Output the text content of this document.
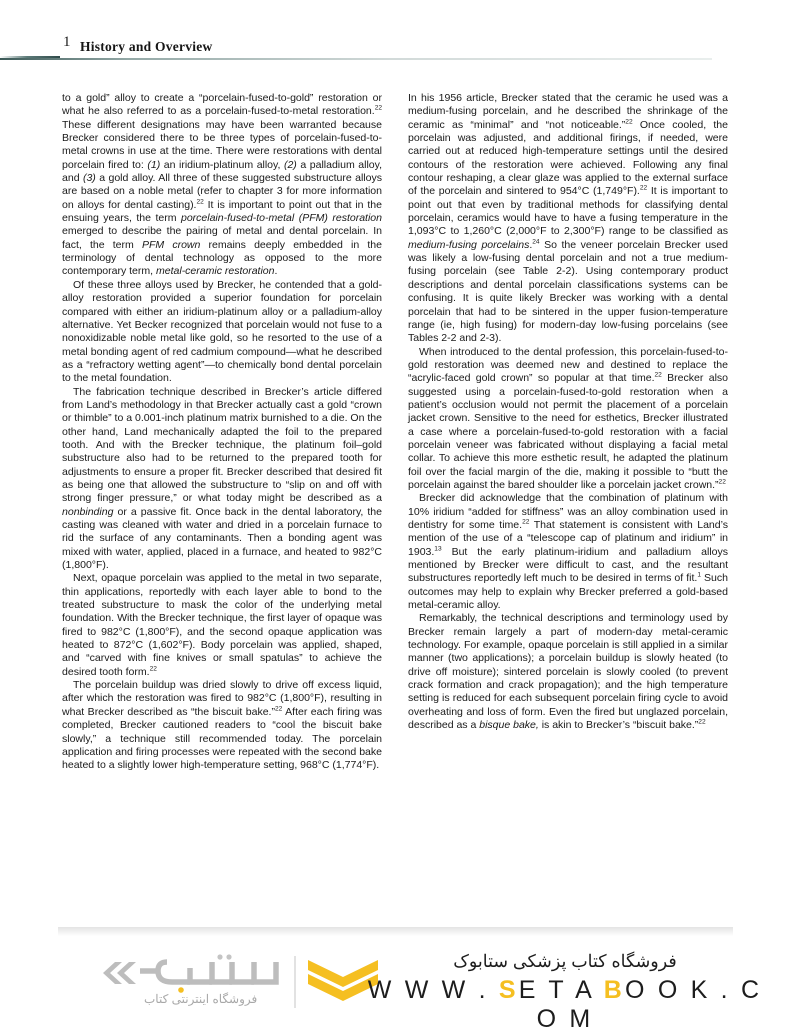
1 History and Overview

to a gold” alloy to create a “porcelain-fused-to-gold” restoration or what he also referred to as a porcelain-fused-to-metal restoration.$^{22}$ These different designations may have been warranted because Brecker considered there to be three types of porcelain-fused-to-metal crowns in use at the time. There were restorations with dental porcelain fired to: (1) an iridium-platinum alloy, (2) a palladium alloy, and (3) a gold alloy. All three of these suggested substructure alloys are based on a noble metal (refer to chapter 3 for more information on alloys for dental casting).$^{22}$ It is important to point out that in the ensuing years, the term porcelain-fused-to-metal (PFM) restoration emerged to describe the pairing of metal and dental porcelain. In fact, the term PFM crown remains deeply embedded in the terminology of dental technology as opposed to the more contemporary term, metal-ceramic restoration.

Of these three alloys used by Brecker, he contended that a gold-alloy restoration provided a superior foundation for porcelain compared with either an iridium-platinum alloy or a palladium-alloy alternative. Yet Becker recognized that porcelain would not fuse to a nonoxidizable noble metal like gold, so he resorted to the use of a metal bonding agent of red cadmium compound—what he described as a “refractory wetting agent”—to chemically bond dental porcelain to the metal foundation.

The fabrication technique described in Brecker’s article differed from Land’s methodology in that Brecker actually cast a gold “crown or thimble” to a 0.001-inch platinum matrix burnished to a die. On the other hand, Land mechanically adapted the foil to the prepared tooth. And with the Brecker technique, the platinum foil–gold substructure also had to be returned to the prepared tooth for adjustments to ensure a proper fit. Brecker described that desired fit as being one that allowed the substructure to “slip on and off with strong finger pressure,” or what today might be described as a nonbinding or a passive fit. Once back in the dental laboratory, the casting was cleaned with water and dried in a porcelain furnace to rid the surface of any contaminants. Then a bonding agent was mixed with water, applied, placed in a furnace, and heated to 982°C (1,800°F).

Next, opaque porcelain was applied to the metal in two separate, thin applications, reportedly with each layer able to bond to the treated substructure to mask the color of the underlying metal foundation. With the Brecker technique, the first layer of opaque was fired to 982°C (1,800°F), and the second opaque application was heated to 872°C (1,602°F). Body porcelain was applied, shaped, and “carved with fine knives or small spatulas” to achieve the desired tooth form.$^{22}$

The porcelain buildup was dried slowly to drive off excess liquid, after which the restoration was fired to 982°C (1,800°F), resulting in what Brecker described as “the biscuit bake.”$^{22}$ After each firing was completed, Brecker cautioned readers to “cool the biscuit bake slowly,” a technique still recommended today. The porcelain application and firing processes were repeated with the second bake heated to a slightly lower high-temperature setting, 968°C (1,774°F).

In his 1956 article, Brecker stated that the ceramic he used was a medium-fusing porcelain, and he described the shrinkage of the ceramic as “minimal” and “not noticeable.”$^{22}$ Once cooled, the porcelain was adjusted, and additional firings, if needed, were carried out at reduced high-temperature settings until the desired contours of the restoration were achieved. Following any final contour reshaping, a clear glaze was applied to the external surface of the porcelain and sintered to 954°C (1,749°F).$^{22}$ It is important to point out that even by traditional methods for classifying dental porcelain, ceramics would have to have a fusing temperature in the 1,093°C to 1,260°C (2,000°F to 2,300°F) range to be classified as medium-fusing porcelains.$^{24}$ So the veneer porcelain Brecker used was likely a low-fusing dental porcelain and not a true medium-fusing porcelain (see Table 2-2). Using contemporary product descriptions and dental porcelain classifications systems can be confusing. It is quite likely Brecker was working with a dental porcelain that had to be sintered in the upper fusion-temperature range (ie, high fusing) for modern-day low-fusing porcelains (see Tables 2-2 and 2-3).

When introduced to the dental profession, this porcelain-fused-to-gold restoration was deemed new and destined to replace the “acrylic-faced gold crown” so popular at that time.$^{22}$ Brecker also suggested using a porcelain-fused-to-gold restoration when a patient’s occlusion would not permit the placement of a porcelain jacket crown. Sensitive to the need for esthetics, Brecker illustrated a case where a porcelain-fused-to-gold restoration with a facial porcelain veneer was fabricated without displaying a facial metal collar. To achieve this more esthetic result, he adapted the platinum foil over the facial margin of the die, making it possible to “butt the porcelain against the bared shoulder like a porcelain jacket crown.”$^{22}$

Brecker did acknowledge that the combination of platinum with 10% iridium “added for stiffness” was an alloy combination used in dentistry for some time.$^{22}$ That statement is consistent with Land’s mention of the use of a “telescope cap of platinum and iridium” in 1903.13 But the early platinum-iridium and palladium alloys mentioned by Brecker were difficult to cast, and the resultant substructures reportedly left much to be desired in terms of fit.$^1$ Such outcomes may help to explain why Brecker preferred a gold-based metal-ceramic alloy.

Remarkably, the technical descriptions and terminology used by Brecker remain largely a part of modern-day metal-ceramic technology. For example, opaque porcelain is still applied in a similar manner (two applications); a porcelain buildup is slowly heated (to drive off moisture); sintered porcelain is slowly cooled (to prevent crack formation and crack propagation); and the high temperature setting is reduced for each subsequent porcelain firing cycle to avoid overheating and loss of form. Even the fired but unglazed porcelain, described as a bisque bake, is akin to Brecker’s “biscuit bake.”$^{22}$

فروشگاه اینترنتی کتاب
فروشگاه کتاب پزشکی ستابوک
W W W . SE T A BO O K . C O M
